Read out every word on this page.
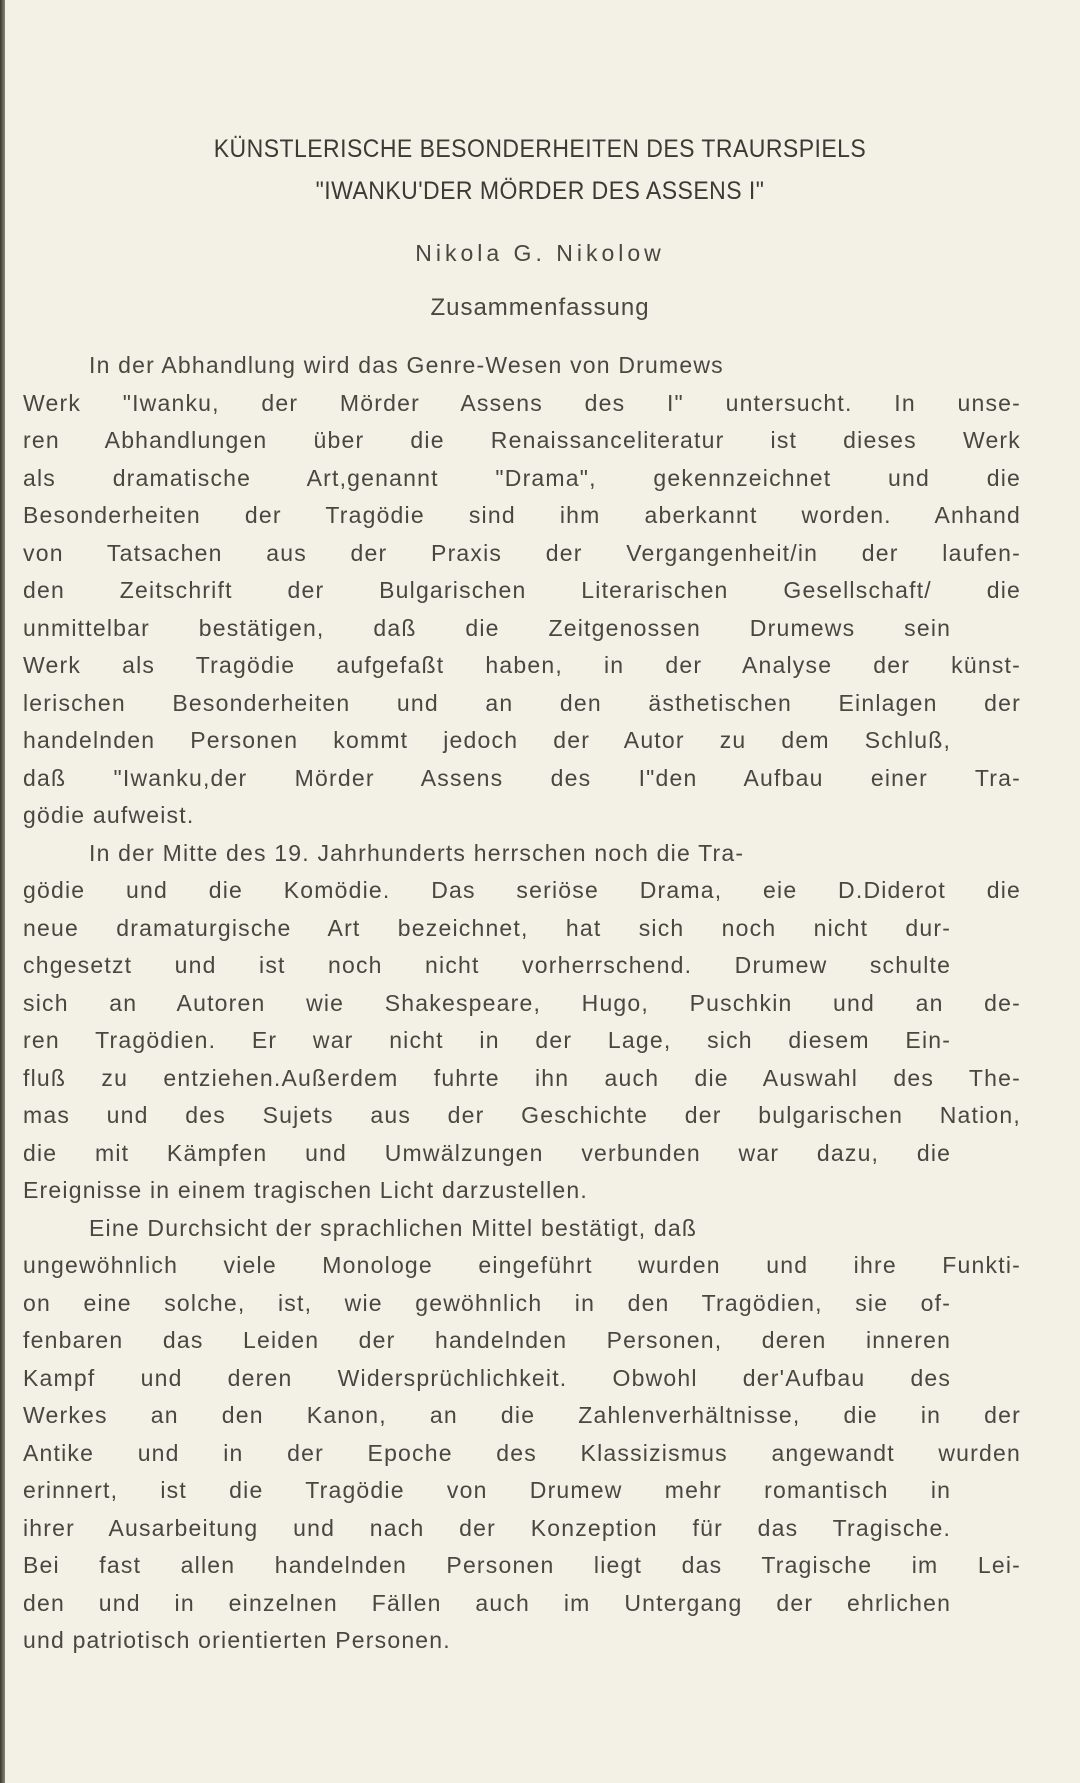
KÜNSTLERISCHE BESONDERHEITEN DES TRAURSPIELS
"IWANKU'DER MÖRDER DES ASSENS I"
Nikola G. Nikolow
Zusammenfassung
In der Abhandlung wird das Genre-Wesen von Drumews
Werk "Iwanku, der Mörder Assens des I" untersucht. In unse-
ren Abhandlungen über die Renaissanceliteratur ist dieses Werk
als dramatische Art,genannt "Drama", gekennzeichnet und die
Besonderheiten der Tragödie sind ihm aberkannt worden. Anhand
von Tatsachen aus der Praxis der Vergangenheit/in der laufen-
den Zeitschrift der Bulgarischen Literarischen Gesellschaft/ die
unmittelbar bestätigen, daß die Zeitgenossen Drumews sein
Werk als Tragödie aufgefaßt haben, in der Analyse der künst-
lerischen Besonderheiten und an den ästhetischen Einlagen der
handelnden Personen kommt jedoch der Autor zu dem Schluß,
daß "Iwanku,der Mörder Assens des I"den Aufbau einer Tra-
gödie aufweist.
In der Mitte des 19. Jahrhunderts herrschen noch die Tra-
gödie und die Komödie. Das seriöse Drama, eie D.Diderot die
neue dramaturgische Art bezeichnet, hat sich noch nicht dur-
chgesetzt und ist noch nicht vorherrschend. Drumew schulte
sich an Autoren wie Shakespeare, Hugo, Puschkin und an de-
ren Tragödien. Er war nicht in der Lage, sich diesem Ein-
fluß zu entziehen.Außerdem fuhrte ihn auch die Auswahl des The-
mas und des Sujets aus der Geschichte der bulgarischen Nation,
die mit Kämpfen und Umwälzungen verbunden war dazu, die
Ereignisse in einem tragischen Licht darzustellen.
Eine Durchsicht der sprachlichen Mittel bestätigt, daß
ungewöhnlich viele Monologe eingeführt wurden und ihre Funkti-
on eine solche, ist, wie gewöhnlich in den Tragödien, sie of-
fenbaren das Leiden der handelnden Personen, deren inneren
Kampf und deren Widersprüchlichkeit. Obwohl der'Aufbau des
Werkes an den Kanon, an die Zahlenverhältnisse, die in der
Antike und in der Epoche des Klassizismus angewandt wurden
erinnert, ist die Tragödie von Drumew mehr romantisch in
ihrer Ausarbeitung und nach der Konzeption für das Tragische.
Bei fast allen handelnden Personen liegt das Tragische im Lei-
den und in einzelnen Fällen auch im Untergang der ehrlichen
und patriotisch orientierten Personen.
